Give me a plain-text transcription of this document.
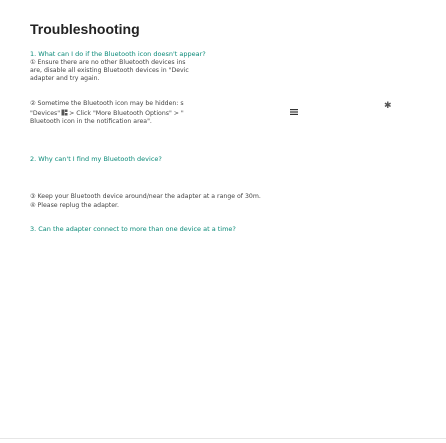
Troubleshooting
1. What can I do if the Bluetooth icon doesn't appear?
① Ensure there are no other Bluetooth devices ins
are, disable all existing Bluetooth devices in "Devic
adapter and try again.
② Sometime the Bluetooth icon may be hidden: s
"Devices" > Click "More Bluetooth Options" > "
Bluetooth icon in the notification area".
✱
2. Why can't I find my Bluetooth device?
③ Keep your Bluetooth device around/near the adapter at a range of 30m.
④ Please replug the adapter.
3. Can the adapter connect to more than one device at a time?
